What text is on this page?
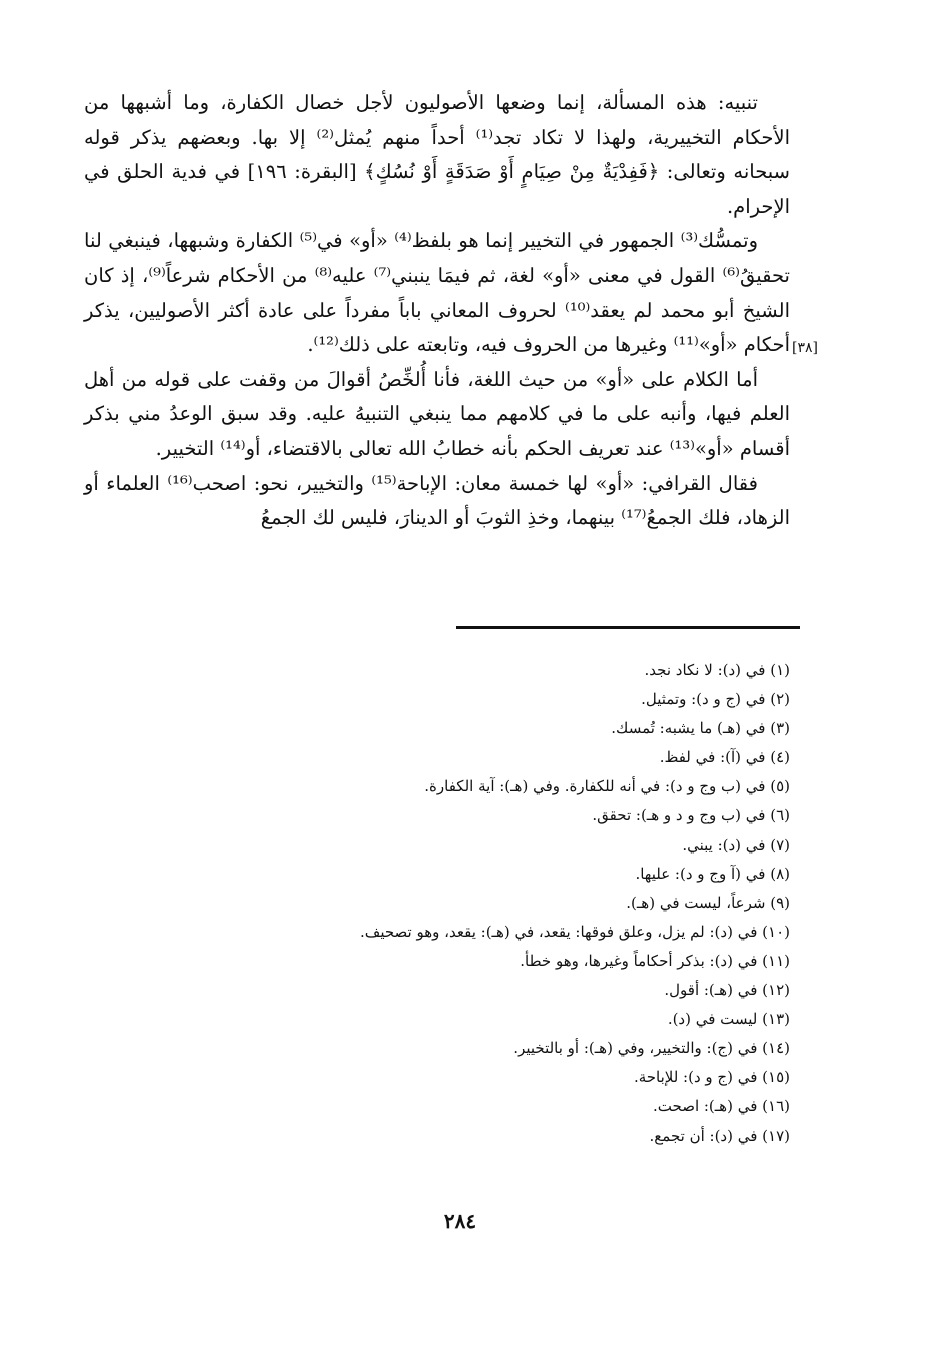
تنبيه: هذه المسألة، إنما وضعها الأصوليون لأجل خصال الكفارة، وما أشبهها من الأحكام التخييرية، ولهذا لا تكاد تجد⁽¹⁾ أحداً منهم يُمثل⁽²⁾ إلا بها. وبعضهم يذكر قوله سبحانه وتعالى: ﴿فَفِدْيَةٌ مِنْ صِيَامٍ أَوْ صَدَقَةٍ أَوْ نُسُكٍ﴾ [البقرة: ١٩٦] في فدية الحلق في الإحرام.

وتمسُّك⁽³⁾ الجمهور في التخيير إنما هو بلفظ⁽⁴⁾ «أو» في⁽⁵⁾ الكفارة وشبهها، فينبغي لنا تحقيقُ⁽⁶⁾ القول في معنى «أو» لغة، ثم فيمَا ينبني⁽⁷⁾ عليه⁽⁸⁾ من الأحكام شرعاً⁽⁹⁾، إذ كان الشيخ أبو محمد لم يعقد⁽¹⁰⁾ لحروف المعاني باباً مفرداً على عادة أكثر الأصوليين، يذكر أحكام «أو»⁽¹¹⁾ وغيرها من الحروف فيه، وتابعته على ذلك⁽¹²⁾.

أما الكلام على «أو» من حيث اللغة، فأنا أُلخِّصُ أقوالَ من وقفت على قوله من أهل العلم فيها، وأنبه على ما في كلامهم مما ينبغي التنبيهُ عليه. وقد سبق الوعدُ مني بذكر أقسام «أو»⁽¹³⁾ عند تعريف الحكم بأنه خطابُ الله تعالى بالاقتضاء، أو⁽¹⁴⁾ التخيير.

فقال القرافي: «أو» لها خمسة معان: الإباحة⁽¹⁵⁾ والتخيير، نحو: اصحب⁽¹⁶⁾ العلماء أو الزهاد، فلك الجمعُ⁽¹⁷⁾ بينهما، وخذِ الثوبَ أو الدينارَ، فليس لك الجمعُ

[٣٨]
(١) في (د): لا نكاد نجد.
(٢) في (ج و د): وتمثيل.
(٣) في (هـ) ما يشبه: تُمسك.
(٤) في (آ): في لفظ.
(٥) في (ب وج و د): في أنه للكفارة. وفي (هـ): آية الكفارة.
(٦) في (ب وج و د و هـ): تحقق.
(٧) في (د): يبني.
(٨) في (آ وج و د): عليها.
(٩) شرعاً، ليست في (هـ).
(١٠) في (د): لم يزل، وعلق فوقها: يقعد، في (هـ): يقعد، وهو تصحيف.
(١١) في (د): بذكر أحكاماً وغيرها، وهو خطأ.
(١٢) في (هـ): أقول.
(١٣) ليست في (د).
(١٤) في (ج): والتخيير، وفي (هـ): أو بالتخيير.
(١٥) في (ج و د): للإباحة.
(١٦) في (هـ): اصحت.
(١٧) في (د): أن تجمع.
٢٨٤
